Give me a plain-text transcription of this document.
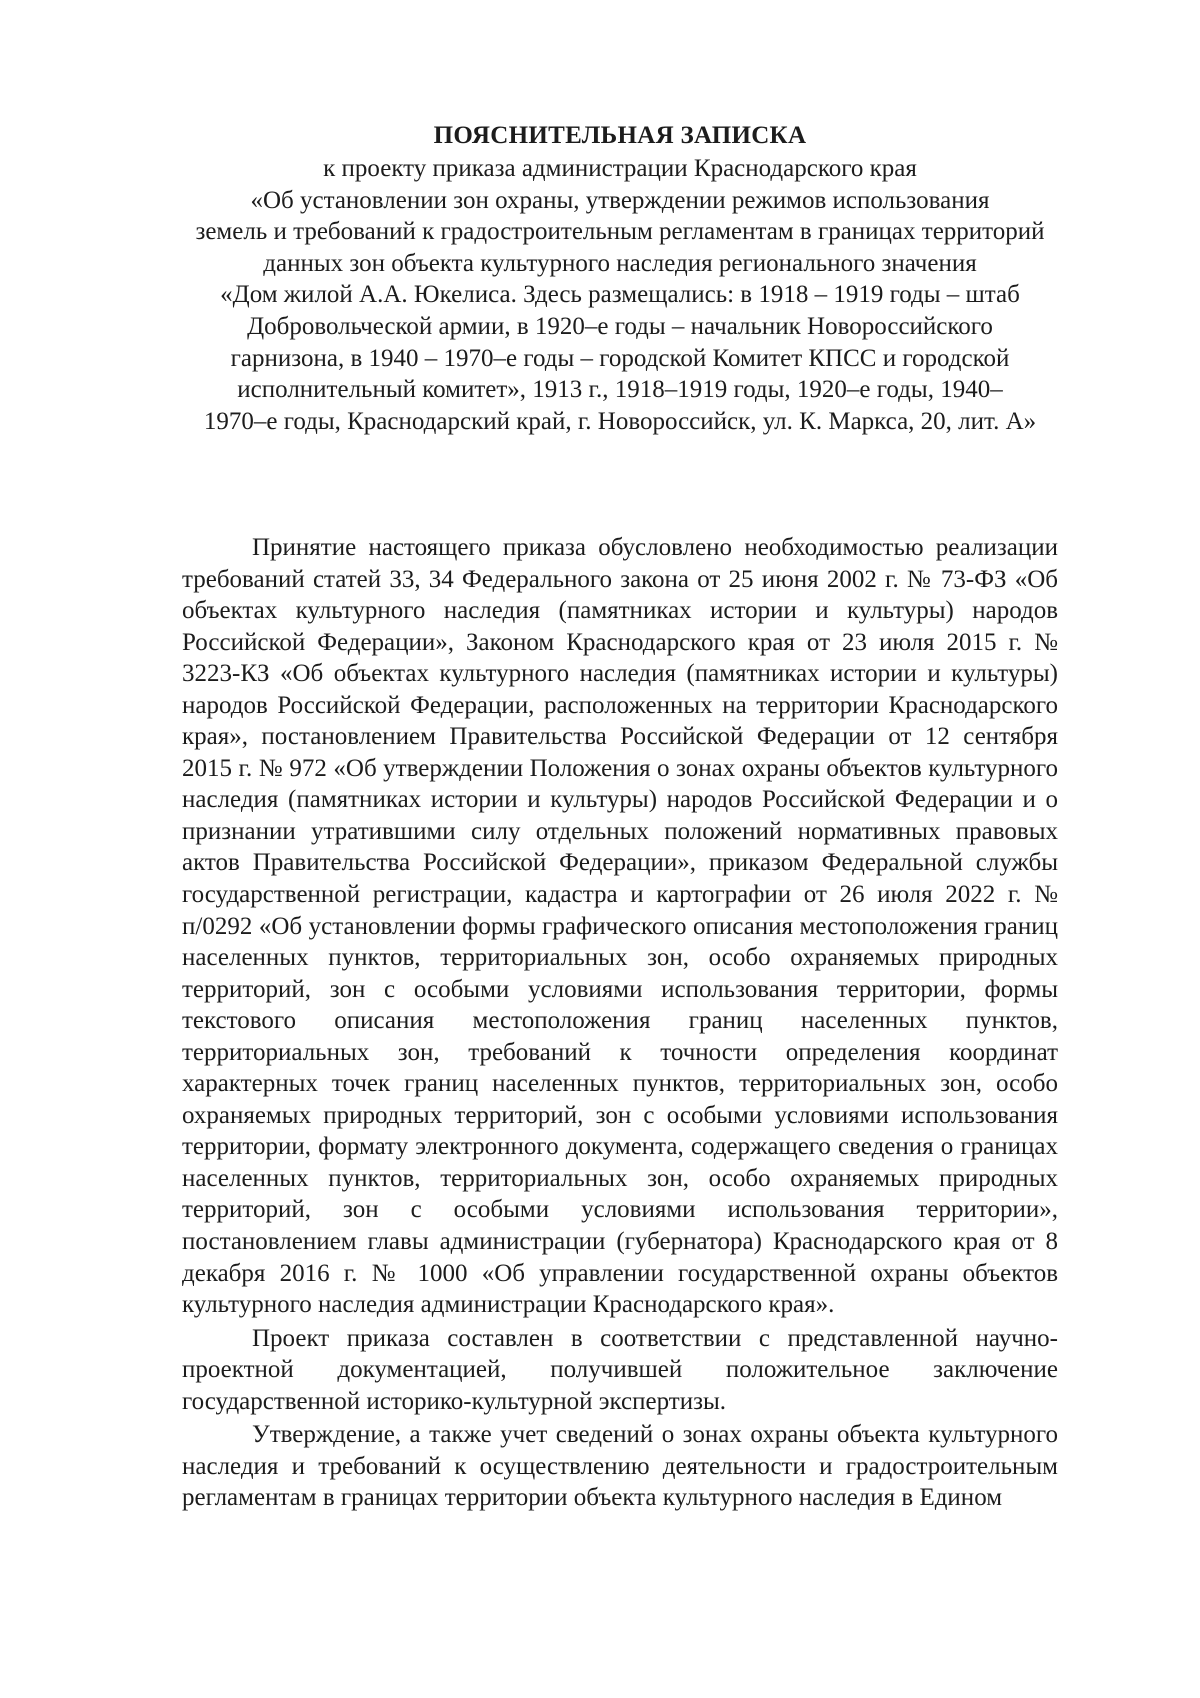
ПОЯСНИТЕЛЬНАЯ ЗАПИСКА
к проекту приказа администрации Краснодарского края
«Об установлении зон охраны, утверждении режимов использования
земель и требований к градостроительным регламентам в границах территорий
данных зон объекта культурного наследия регионального значения
«Дом жилой А.А. Юкелиса. Здесь размещались: в 1918 – 1919 годы – штаб
Добровольческой армии, в 1920–е годы – начальник Новороссийского
гарнизона, в 1940 – 1970–е годы – городской Комитет КПСС и городской
исполнительный комитет», 1913 г., 1918–1919 годы, 1920–е годы, 1940–
1970–е годы, Краснодарский край, г. Новороссийск, ул. К. Маркса, 20, лит. А»

Принятие настоящего приказа обусловлено необходимостью реализации требований статей 33, 34 Федерального закона от 25 июня 2002 г. № 73-ФЗ «Об объектах культурного наследия (памятниках истории и культуры) народов Российской Федерации», Законом Краснодарского края от 23 июля 2015 г. № 3223-КЗ «Об объектах культурного наследия (памятниках истории и культуры) народов Российской Федерации, расположенных на территории Краснодарского края», постановлением Правительства Российской Федерации от 12 сентября 2015 г. № 972 «Об утверждении Положения о зонах охраны объектов культурного наследия (памятниках истории и культуры) народов Российской Федерации и о признании утратившими силу отдельных положений нормативных правовых актов Правительства Российской Федерации», приказом Федеральной службы государственной регистрации, кадастра и картографии от 26 июля 2022 г. № п/0292 «Об установлении формы графического описания местоположения границ населенных пунктов, территориальных зон, особо охраняемых природных территорий, зон с особыми условиями использования территории, формы текстового описания местоположения границ населенных пунктов, территориальных зон, требований к точности определения координат характерных точек границ населенных пунктов, территориальных зон, особо охраняемых природных территорий, зон с особыми условиями использования территории, формату электронного документа, содержащего сведения о границах населенных пунктов, территориальных зон, особо охраняемых природных территорий, зон с особыми условиями использования территории», постановлением главы администрации (губернатора) Краснодарского края от 8 декабря 2016 г. № 1000 «Об управлении государственной охраны объектов культурного наследия администрации Краснодарского края».

Проект приказа составлен в соответствии с представленной научно-проектной документацией, получившей положительное заключение государственной историко-культурной экспертизы.

Утверждение, а также учет сведений о зонах охраны объекта культурного наследия и требований к осуществлению деятельности и градостроительным регламентам в границах территории объекта культурного наследия в Едином
